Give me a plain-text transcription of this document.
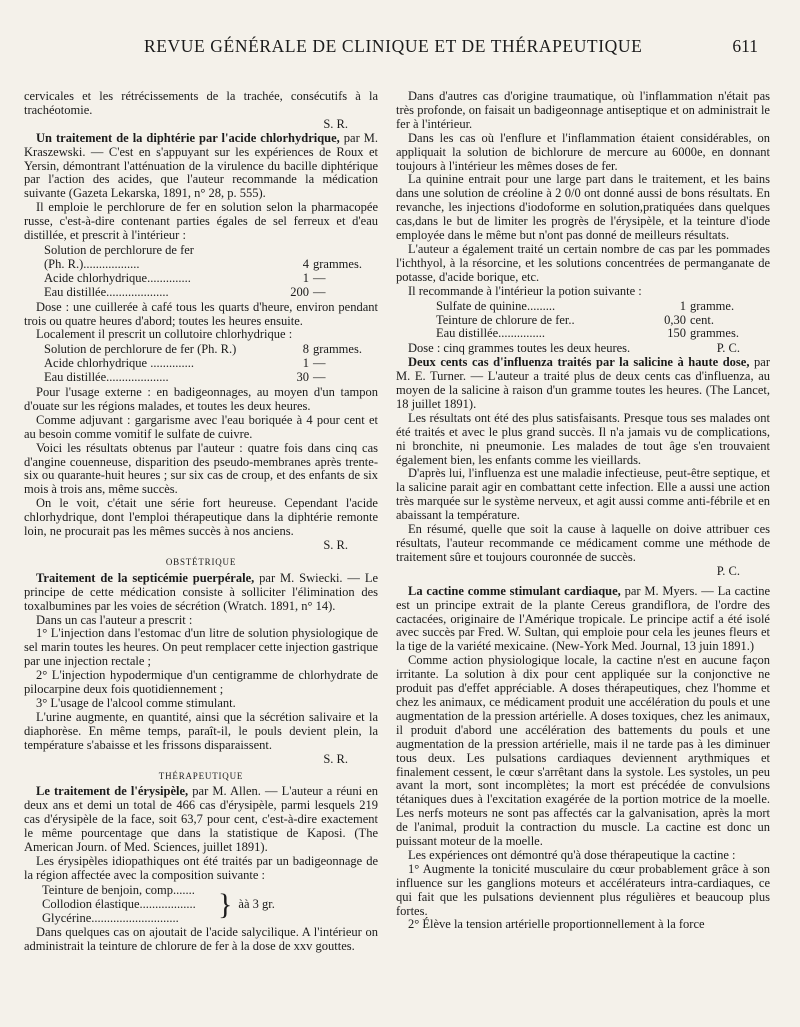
REVUE GÉNÉRALE DE CLINIQUE ET DE THÉRAPEUTIQUE	611

cervicales et les rétrécissements de la trachée, consécutifs à la trachéotomie.

S. R.

Un traitement de la diphtérie par l'acide chlorhydrique, par M. Kraszewski. — C'est en s'appuyant sur les expériences de Roux et Yersin, démontrant l'atténuation de la virulence du bacille diphtérique par l'action des acides, que l'auteur recommande la médication suivante (Gazeta Lekarska, 1891, n° 28, p. 555).

Il emploie le perchlorure de fer en solution selon la pharmacopée russe, c'est-à-dire contenant parties égales de sel ferreux et d'eau distillée, et prescrit à l'intérieur :

Solution de perchlorure de fer
(Ph. R.)..................	4 grammes.
Acide chlorhydrique..............	1 —
Eau distillée....................	200 —

Dose : une cuillerée à café tous les quarts d'heure, environ pendant trois ou quatre heures d'abord; toutes les heures ensuite.

Localement il prescrit un collutoire chlorhydrique :

Solution de perchlorure de fer (Ph. R.)	8 grammes.
Acide chlorhydrique ..............	1 —
Eau distillée....................	30 —

Pour l'usage externe : en badigeonnages, au moyen d'un tampon d'ouate sur les régions malades, et toutes les deux heures.

Comme adjuvant : gargarisme avec l'eau boriquée à 4 pour cent et au besoin comme vomitif le sulfate de cuivre.

Voici les résultats obtenus par l'auteur : quatre fois dans cinq cas d'angine couenneuse, disparition des pseudo-membranes après trente-six ou quarante-huit heures ; sur six cas de croup, et des enfants de six mois à trois ans, même succès.

On le voit, c'était une série fort heureuse. Cependant l'acide chlorhydrique, dont l'emploi thérapeutique dans la diphtérie remonte loin, ne procurait pas les mêmes succès à nos anciens.

S. R.

OBSTÉTRIQUE

Traitement de la septicémie puerpérale, par M. Swiecki. — Le principe de cette médication consiste à solliciter l'élimination des toxalbumines par les voies de sécrétion (Wratch. 1891, n° 14).

Dans un cas l'auteur a prescrit :

1° L'injection dans l'estomac d'un litre de solution physiologique de sel marin toutes les heures. On peut remplacer cette injection gastrique par une injection rectale ;

2° L'injection hypodermique d'un centigramme de chlorhydrate de pilocarpine deux fois quotidiennement ;

3° L'usage de l'alcool comme stimulant.

L'urine augmente, en quantité, ainsi que la sécrétion salivaire et la diaphorèse. En même temps, paraît-il, le pouls devient plein, la température s'abaisse et les frissons disparaissent.

S. R.

THÉRAPEUTIQUE

Le traitement de l'érysipèle, par M. Allen. — L'auteur a réuni en deux ans et demi un total de 466 cas d'érysipèle, parmi lesquels 219 cas d'érysipèle de la face, soit 63,7 pour cent, c'est-à-dire exactement le même pourcentage que dans la statistique de Kaposi. (The American Journ. of Med. Sciences, juillet 1891).

Les érysipèles idiopathiques ont été traités par un badigeonnage de la région affectée avec la composition suivante :

Teinture de benjoin, comp.......
Collodion élastique..................
Glycérine............................	} àà 3 gr.

Dans quelques cas on ajoutait de l'acide salycilique. A l'intérieur on administrait la teinture de chlorure de fer à la dose de xxv gouttes.

Dans d'autres cas d'origine traumatique, où l'inflammation n'était pas très profonde, on faisait un badigeonnage antiseptique et on administrait le fer à l'intérieur.

Dans les cas où l'enflure et l'inflammation étaient considérables, on appliquait la solution de bichlorure de mercure au 6000e, en donnant toujours à l'intérieur les mêmes doses de fer.

La quinine entrait pour une large part dans le traitement, et les bains dans une solution de créoline à 2 0/0 ont donné aussi de bons résultats. En revanche, les injections d'iodoforme en solution,pratiquées dans quelques cas,dans le but de limiter les progrès de l'érysipèle, et la teinture d'iode employée dans le même but n'ont pas donné de meilleurs résultats.

L'auteur a également traité un certain nombre de cas par les pommades l'ichthyol, à la résorcine, et les solutions concentrées de permanganate de potasse, d'acide borique, etc.

Il recommande à l'intérieur la potion suivante :

Sulfate de quinine.........	1 gramme.
Teinture de chlorure de fer..	0,30 cent.
Eau distillée...............	150 grammes.

Dose : cinq grammes toutes les deux heures.	P. C.

Deux cents cas d'influenza traités par la salicine à haute dose, par M. E. Turner. — L'auteur a traité plus de deux cents cas d'influenza, au moyen de la salicine à raison d'un gramme toutes les heures. (The Lancet, 18 juillet 1891).

Les résultats ont été des plus satisfaisants. Presque tous ses malades ont été traités et avec le plus grand succès. Il n'a jamais vu de complications, ni bronchite, ni pneumonie. Les malades de tout âge s'en trouvaient également bien, les enfants comme les vieillards.

D'après lui, l'influenza est une maladie infectieuse, peut-être septique, et la salicine parait agir en combattant cette infection. Elle a aussi une action très marquée sur le système nerveux, et agit aussi comme anti-fébrile et en abaissant la température.

En résumé, quelle que soit la cause à laquelle on doive attribuer ces résultats, l'auteur recommande ce médicament comme une méthode de traitement sûre et toujours couronnée de succès.

P. C.

La cactine comme stimulant cardiaque, par M. Myers. — La cactine est un principe extrait de la plante Cereus grandiflora, de l'ordre des cactacées, originaire de l'Amérique tropicale. Le principe actif a été isolé avec succès par Fred. W. Sultan, qui emploie pour cela les jeunes fleurs et la tige de la variété mexicaine. (New-York Med. Journal, 13 juin 1891.)

Comme action physiologique locale, la cactine n'est en aucune façon irritante. La solution à dix pour cent appliquée sur la conjonctive ne produit pas d'effet appréciable. A doses thérapeutiques, chez l'homme et chez les animaux, ce médicament produit une accélération du pouls et une augmentation de la pression artérielle. A doses toxiques, chez les animaux, il produit d'abord une accélération des battements du pouls et une augmentation de la pression artérielle, mais il ne tarde pas à les diminuer tous deux. Les pulsations cardiaques deviennent arythmiques et finalement cessent, le cœur s'arrêtant dans la systole. Les systoles, un peu avant la mort, sont incomplètes; la mort est précédée de convulsions tétaniques dues à l'excitation exagérée de la portion motrice de la moelle. Les nerfs moteurs ne sont pas affectés car la galvanisation, après la mort de l'animal, produit la contraction du muscle. La cactine est donc un puissant moteur de la moelle.

Les expériences ont démontré qu'à dose thérapeutique la cactine :

1° Augmente la tonicité musculaire du cœur probablement grâce à son influence sur les ganglions moteurs et accélérateurs intra-cardiaques, ce qui fait que les pulsations deviennent plus régulières et beaucoup plus fortes.

2° Élève la tension artérielle proportionnellement à la force
